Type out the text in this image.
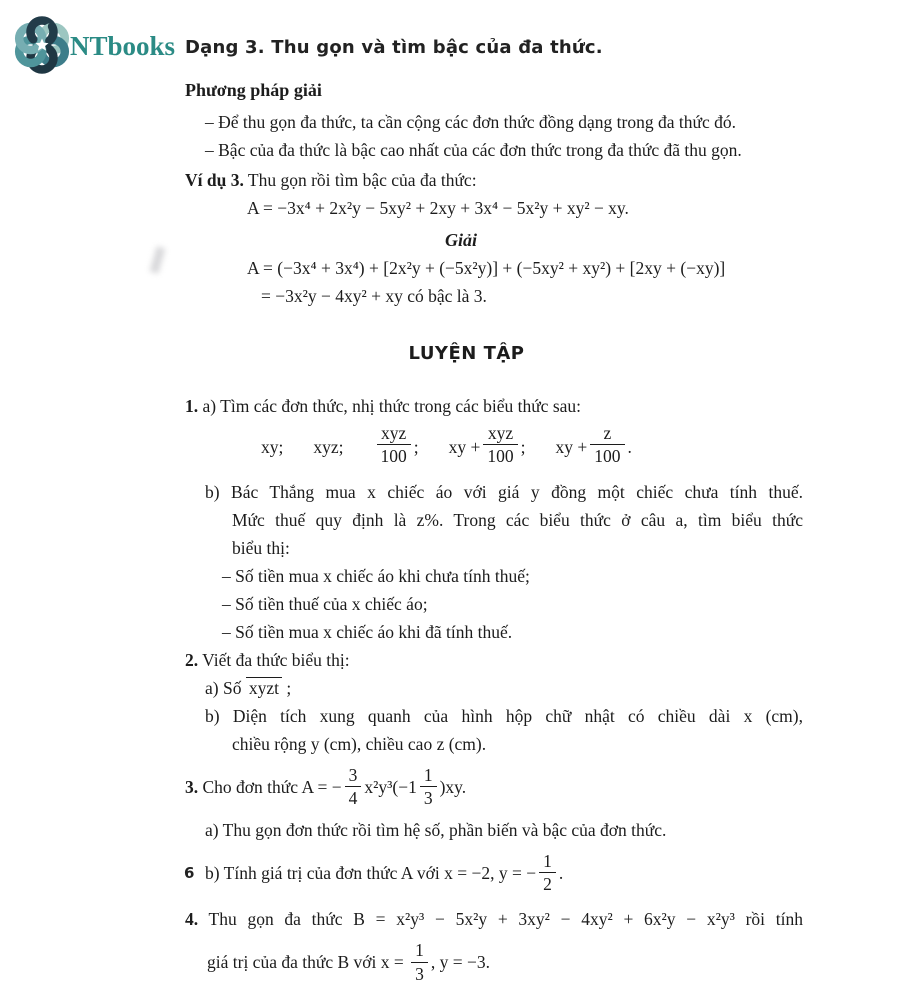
NTbooks Dạng 3. Thu gọn và tìm bậc của đa thức.
Phương pháp giải
– Để thu gọn đa thức, ta cần cộng các đơn thức đồng dạng trong đa thức đó.
– Bậc của đa thức là bậc cao nhất của các đơn thức trong đa thức đã thu gọn.
Ví dụ 3. Thu gọn rồi tìm bậc của đa thức:
A = −3x⁴ + 2x²y − 5xy² + 2xy + 3x⁴ − 5x²y + xy² − xy.
Giải
A = (−3x⁴ + 3x⁴) + [2x²y + (−5x²y)] + (−5xy² + xy²) + [2xy + (−xy)]
= −3x²y − 4xy² + xy có bậc là 3.
LUYỆN TẬP
1. a) Tìm các đơn thức, nhị thức trong các biểu thức sau:
xy; xyz; $\frac{\text{xyz}}{100}$ ; xy + $\frac{\text{xyz}}{100}$ ; xy + $\frac{z}{100}$ .
b) Bác Thắng mua x chiếc áo với giá y đồng một chiếc chưa tính thuế.
Mức thuế quy định là z%. Trong các biểu thức ở câu a, tìm biểu thức
biểu thị:
– Số tiền mua x chiếc áo khi chưa tính thuế;
– Số tiền thuế của x chiếc áo;
– Số tiền mua x chiếc áo khi đã tính thuế.
2. Viết đa thức biểu thị:
a) Số xyzt ;
b) Diện tích xung quanh của hình hộp chữ nhật có chiều dài x (cm),
chiều rộng y (cm), chiều cao z (cm).
3. Cho đơn thức A = − $\frac{3}{4} x^2y^3(-1 \frac{1}{3} )xy$.
a) Thu gọn đơn thức rồi tìm hệ số, phần biến và bậc của đơn thức.
b) Tính giá trị của đơn thức A với x = −2, y = − $\frac{1}{2}$ .
4. Thu gọn đa thức B = x²y³ − 5x²y + 3xy² − 4xy² + 6x²y − x²y³ rồi tính
giá trị của đa thức B với $x = \frac{1}{3}$ , y = −3.
6
